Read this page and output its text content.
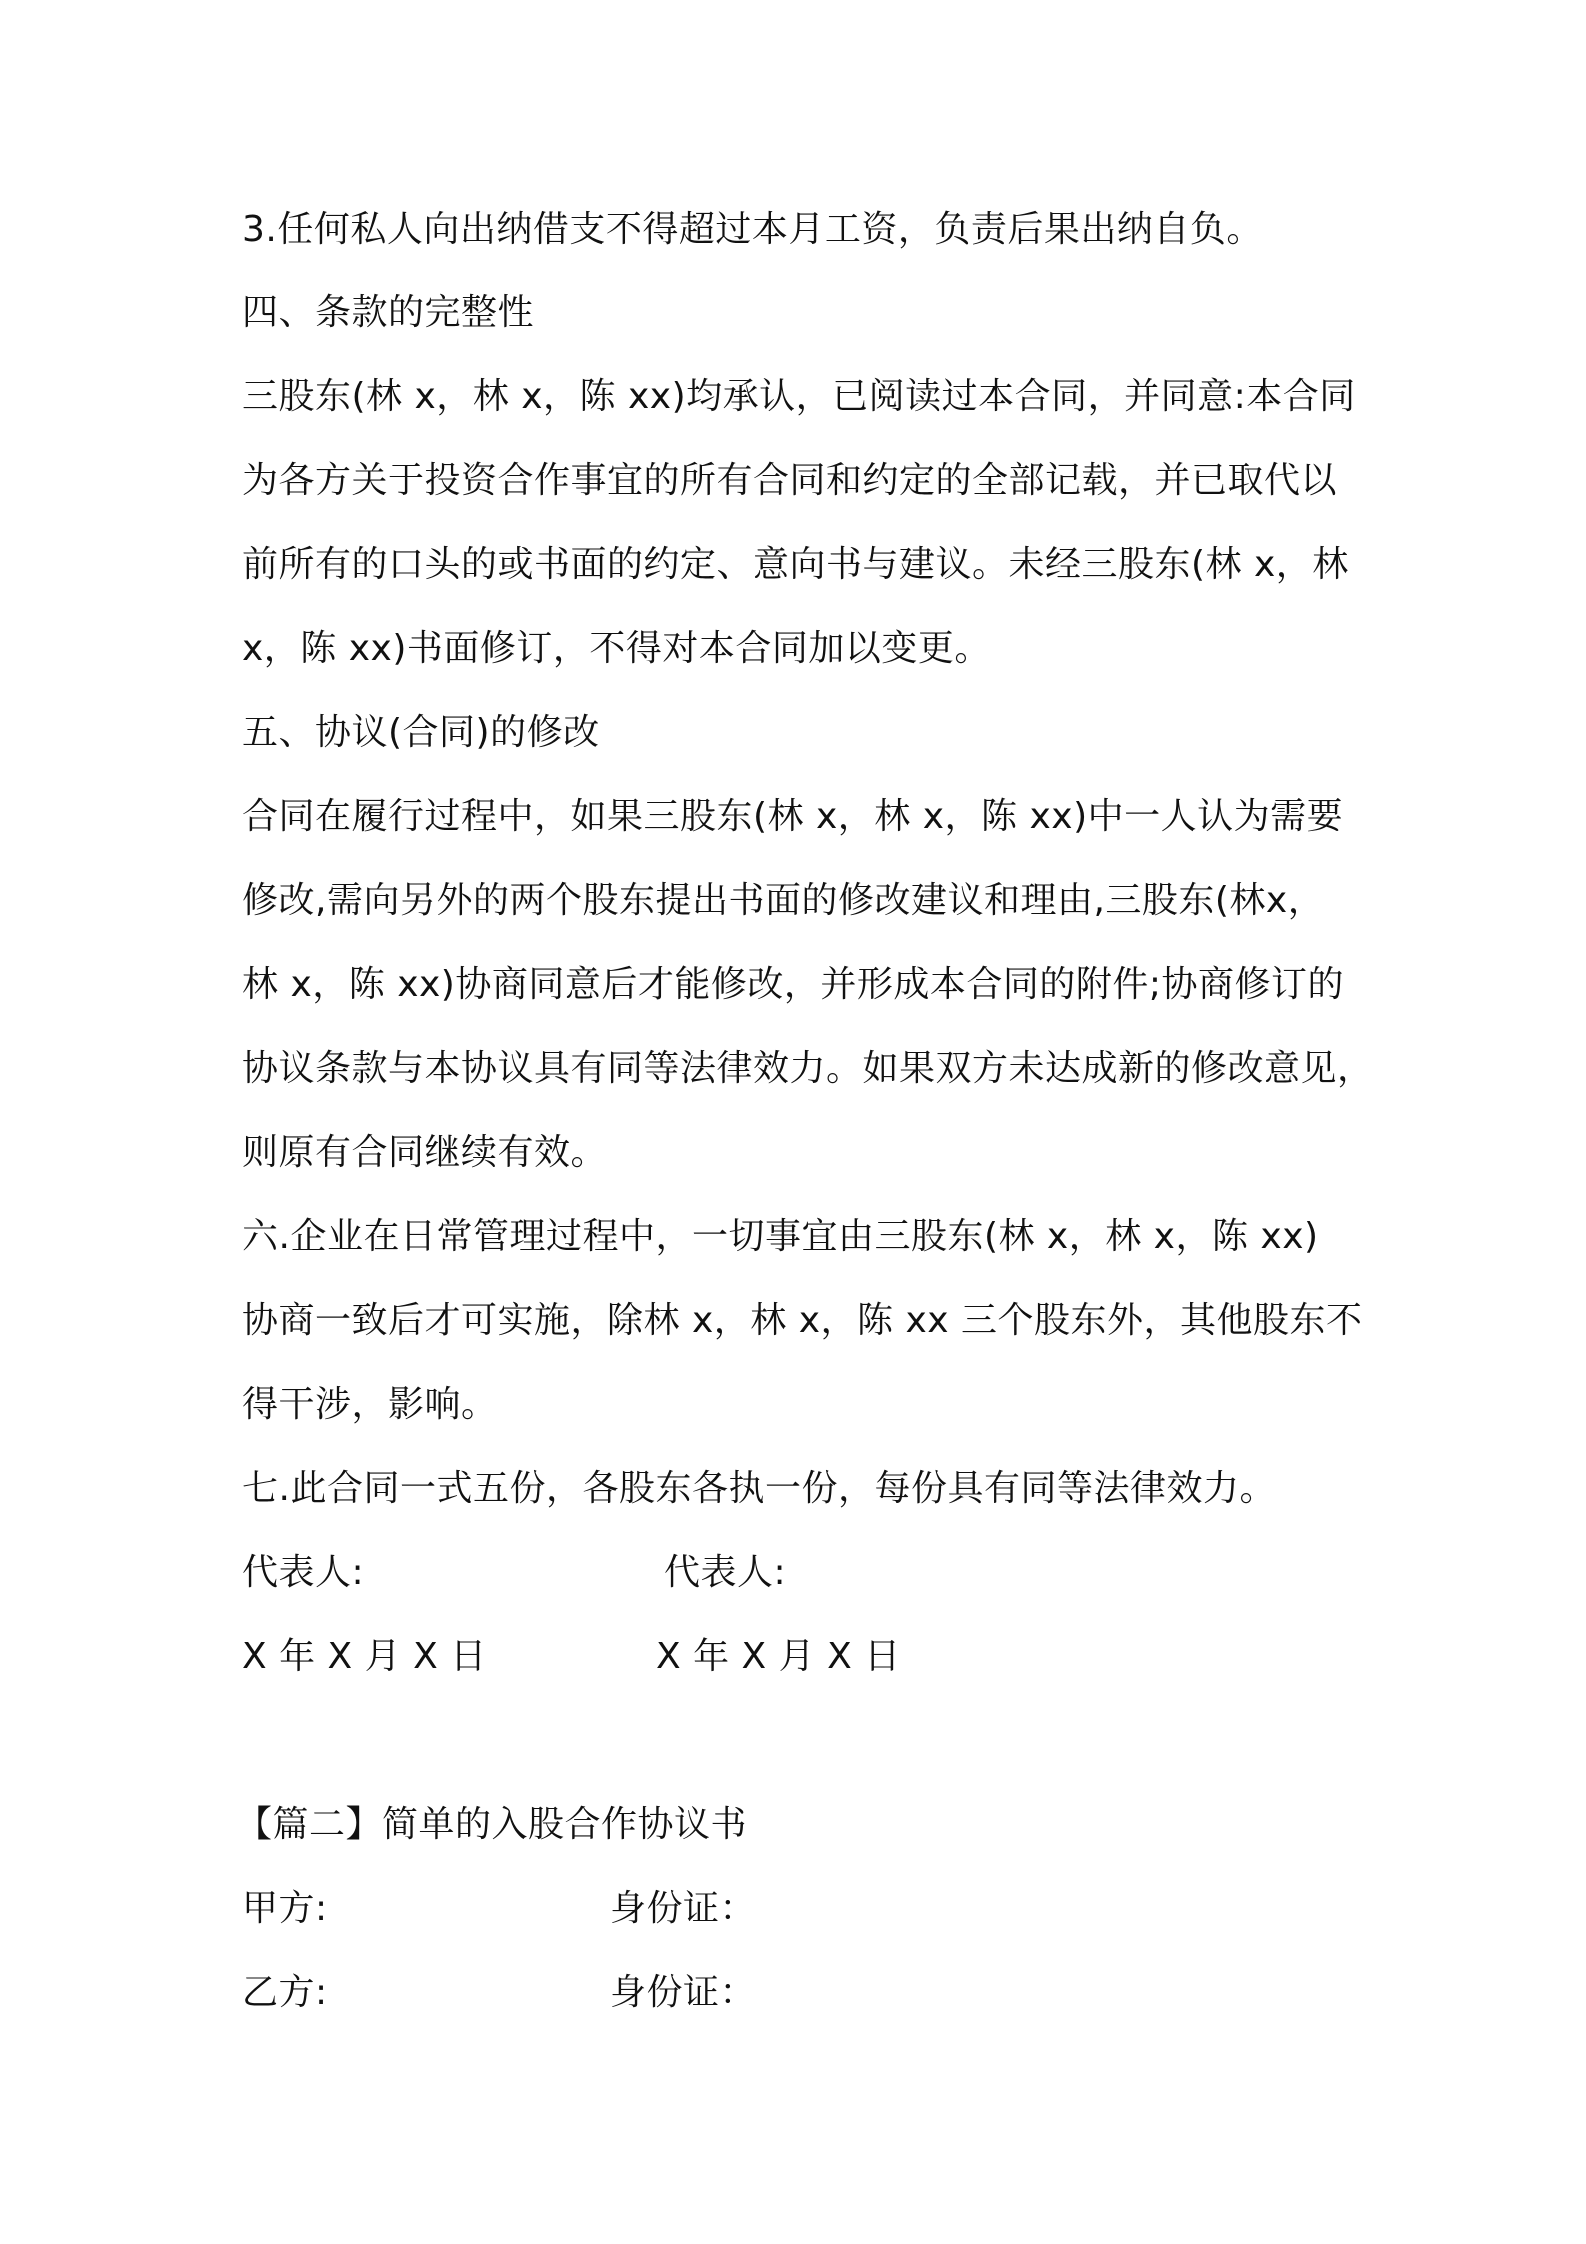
3.任何私人向出纳借支不得超过本月工资，负责后果出纳自负。
四、条款的完整性
三股东(林 x，林 x，陈 xx)均承认，已阅读过本合同，并同意:本合同
为各方关于投资合作事宜的所有合同和约定的全部记载，并已取代以
前所有的口头的或书面的约定、意向书与建议。未经三股东(林 x，林
x，陈 xx)书面修订，不得对本合同加以变更。
五、协议(合同)的修改
合同在履行过程中，如果三股东(林 x，林 x，陈 xx)中一人认为需要
修改,需向另外的两个股东提出书面的修改建议和理由,三股东(林x，
林 x，陈 xx)协商同意后才能修改，并形成本合同的附件;协商修订的
协议条款与本协议具有同等法律效力。如果双方未达成新的修改意见，
则原有合同继续有效。
六.企业在日常管理过程中，一切事宜由三股东(林 x，林 x，陈 xx)
协商一致后才可实施，除林 x，林 x，陈 xx 三个股东外，其他股东不
得干涉，影响。
七.此合同一式五份，各股东各执一份，每份具有同等法律效力。
代表人:	代表人:
X 年 X 月 X 日	X 年 X 月 X 日
【篇二】简单的入股合作协议书
甲方:	身份证：
乙方:	身份证：
